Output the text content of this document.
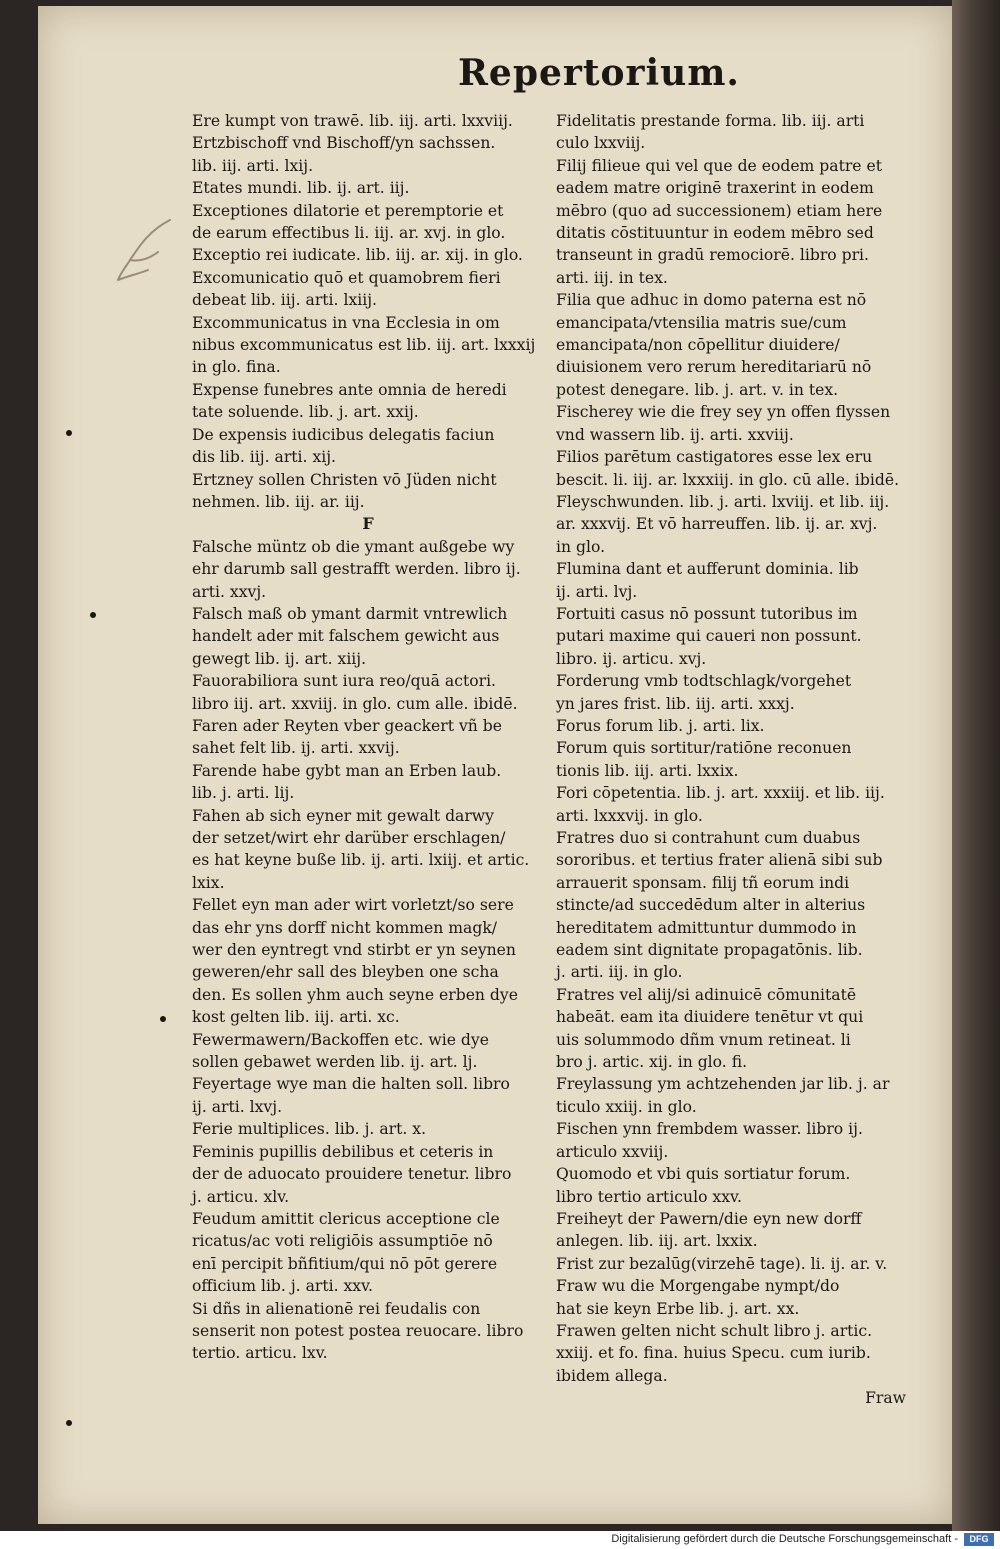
Repertorium.
Ere kumpt von trawē. lib. iij. arti. lxxviij.
Ertzbischoff vnd Bischoff/yn sachssen.
lib. iij. arti. lxij.
Etates mundi. lib. ij. art. iij.
Exceptiones dilatorie et peremptorie et
de earum effectibus li. iij. ar. xvj. in glo.
Exceptio rei iudicate. lib. iij. ar. xij. in glo.
Excomunicatio quō et quamobrem fieri
debeat lib. iij. arti. lxiij.
Excommunicatus in vna Ecclesia in om
nibus excommunicatus est lib. iij. art. lxxxij
in glo. fina.
Expense funebres ante omnia de heredi
tate soluende. lib. j. art. xxij.
De expensis iudicibus delegatis faciun
dis lib. iij. arti. xij.
Ertzney sollen Christen vō Jüden nicht
nehmen. lib. iij. ar. iij.
F
Falsche müntz ob die ymant außgebe wy
ehr darumb sall gestrafft werden. libro ij.
arti. xxvj.
Falsch maß ob ymant darmit vntrewlich
handelt ader mit falschem gewicht aus
gewegt lib. ij. art. xiij.
Fauorabiliora sunt iura reo/quā actori.
libro iij. art. xxviij. in glo. cum alle. ibidē.
Faren ader Reyten vber geackert vñ be
sahet felt lib. ij. arti. xxvij.
Farende habe gybt man an Erben laub.
lib. j. arti. lij.
Fahen ab sich eyner mit gewalt darwy
der setzet/wirt ehr darüber erschlagen/
es hat keyne buße lib. ij. arti. lxiij. et artic.
lxix.
Fellet eyn man ader wirt vorletzt/so sere
das ehr yns dorff nicht kommen magk/
wer den eyntregt vnd stirbt er yn seynen
geweren/ehr sall des bleyben one scha
den. Es sollen yhm auch seyne erben dye
kost gelten lib. iij. arti. xc.
Fewermawern/Backoffen etc. wie dye
sollen gebawet werden lib. ij. art. lj.
Feyertage wye man die halten soll. libro
ij. arti. lxvj.
Ferie multiplices. lib. j. art. x.
Feminis pupillis debilibus et ceteris in
der de aduocato prouidere tenetur. libro
j. articu. xlv.
Feudum amittit clericus acceptione cle
ricatus/ac voti religiōis assumptiōe nō
enī percipit bñfitium/qui nō pōt gerere
officium lib. j. arti. xxv.
Si dñs in alienationē rei feudalis con
senserit non potest postea reuocare. libro
tertio. articu. lxv.
Fidelitatis prestande forma. lib. iij. arti
culo lxxviij.
Filij filieue qui vel que de eodem patre et
eadem matre originē traxerint in eodem
mēbro (quo ad successionem) etiam here
ditatis cōstituuntur in eodem mēbro sed
transeunt in gradū remociorē. libro pri.
arti. iij. in tex.
Filia que adhuc in domo paterna est nō
emancipata/vtensilia matris sue/cum
emancipata/non cōpellitur diuidere/
diuisionem vero rerum hereditariarū nō
potest denegare. lib. j. art. v. in tex.
Fischerey wie die frey sey yn offen flyssen
vnd wassern lib. ij. arti. xxviij.
Filios parētum castigatores esse lex eru
bescit. li. iij. ar. lxxxiij. in glo. cū alle. ibidē.
Fleyschwunden. lib. j. arti. lxviij. et lib. iij.
ar. xxxvij. Et vō harreuffen. lib. ij. ar. xvj.
in glo.
Flumina dant et aufferunt dominia. lib
ij. arti. lvj.
Fortuiti casus nō possunt tutoribus im
putari maxime qui caueri non possunt.
libro. ij. articu. xvj.
Forderung vmb todtschlagk/vorgehet
yn jares frist. lib. iij. arti. xxxj.
Forus forum lib. j. arti. lix.
Forum quis sortitur/ratiōne reconuen
tionis lib. iij. arti. lxxix.
Fori cōpetentia. lib. j. art. xxxiij. et lib. iij.
arti. lxxxvij. in glo.
Fratres duo si contrahunt cum duabus
sororibus. et tertius frater alienā sibi sub
arrauerit sponsam. filij tñ eorum indi
stincte/ad succedēdum alter in alterius
hereditatem admittuntur dummodo in
eadem sint dignitate propagatōnis. lib.
j. arti. iij. in glo.
Fratres vel alij/si adinuicē cōmunitatē
habeāt. eam ita diuidere tenētur vt qui
uis solummodo dñm vnum retineat. li
bro j. artic. xij. in glo. fi.
Freylassung ym achtzehenden jar lib. j. ar
ticulo xxiij. in glo.
Fischen ynn frembdem wasser. libro ij.
articulo xxviij.
Quomodo et vbi quis sortiatur forum.
libro tertio articulo xxv.
Freiheyt der Pawern/die eyn new dorff
anlegen. lib. iij. art. lxxix.
Frist zur bezalūg(virzehē tage). li. ij. ar. v.
Fraw wu die Morgengabe nympt/do
hat sie keyn Erbe lib. j. art. xx.
Frawen gelten nicht schult libro j. artic.
xxiij. et fo. fina. huius Specu. cum iurib.
ibidem allega.
Fraw
Digitalisierung gefördert durch die Deutsche Forschungsgemeinschaft -	DFG
